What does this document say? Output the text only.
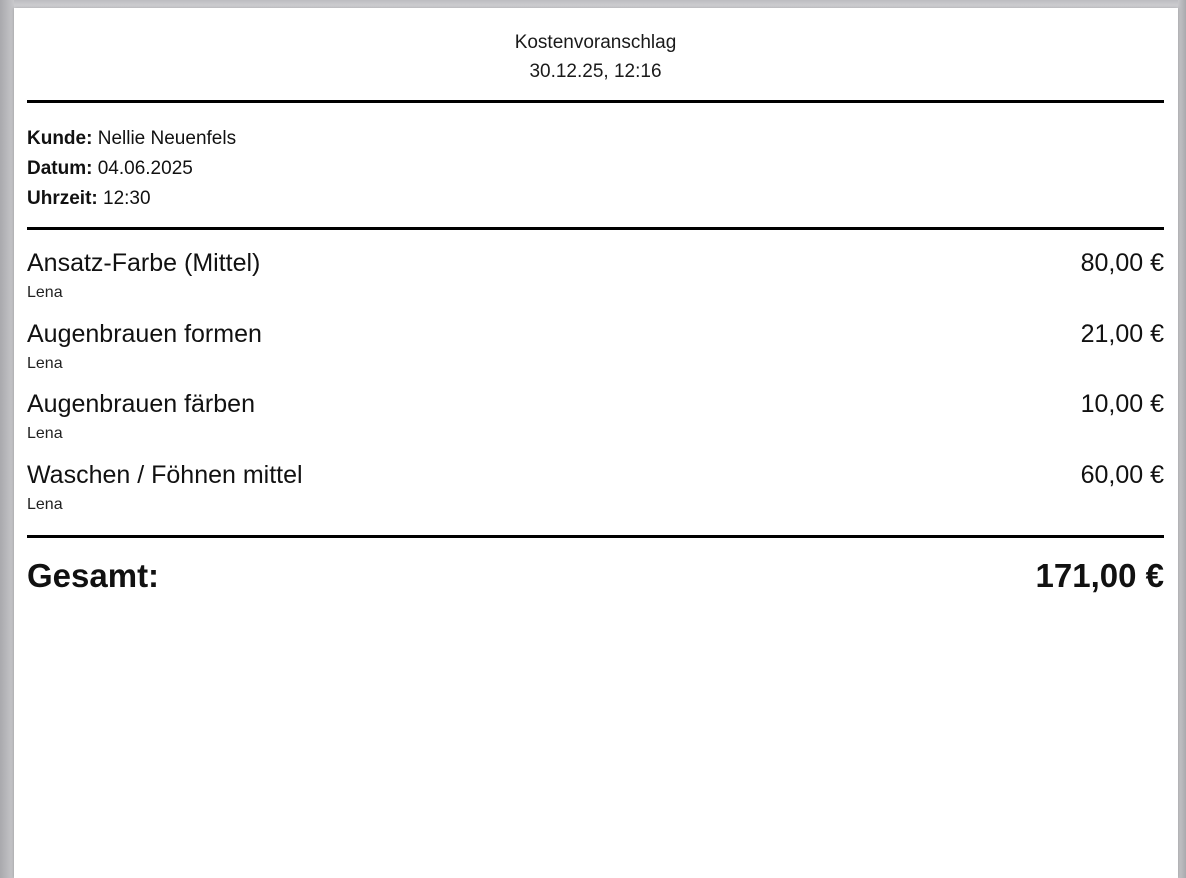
Kostenvoranschlag
30.12.25, 12:16
Kunde: Nellie Neuenfels
Datum: 04.06.2025
Uhrzeit: 12:30
Ansatz-Farbe (Mittel)	80,00 €
Lena
Augenbrauen formen	21,00 €
Lena
Augenbrauen färben	10,00 €
Lena
Waschen / Föhnen mittel	60,00 €
Lena
Gesamt:	171,00 €
